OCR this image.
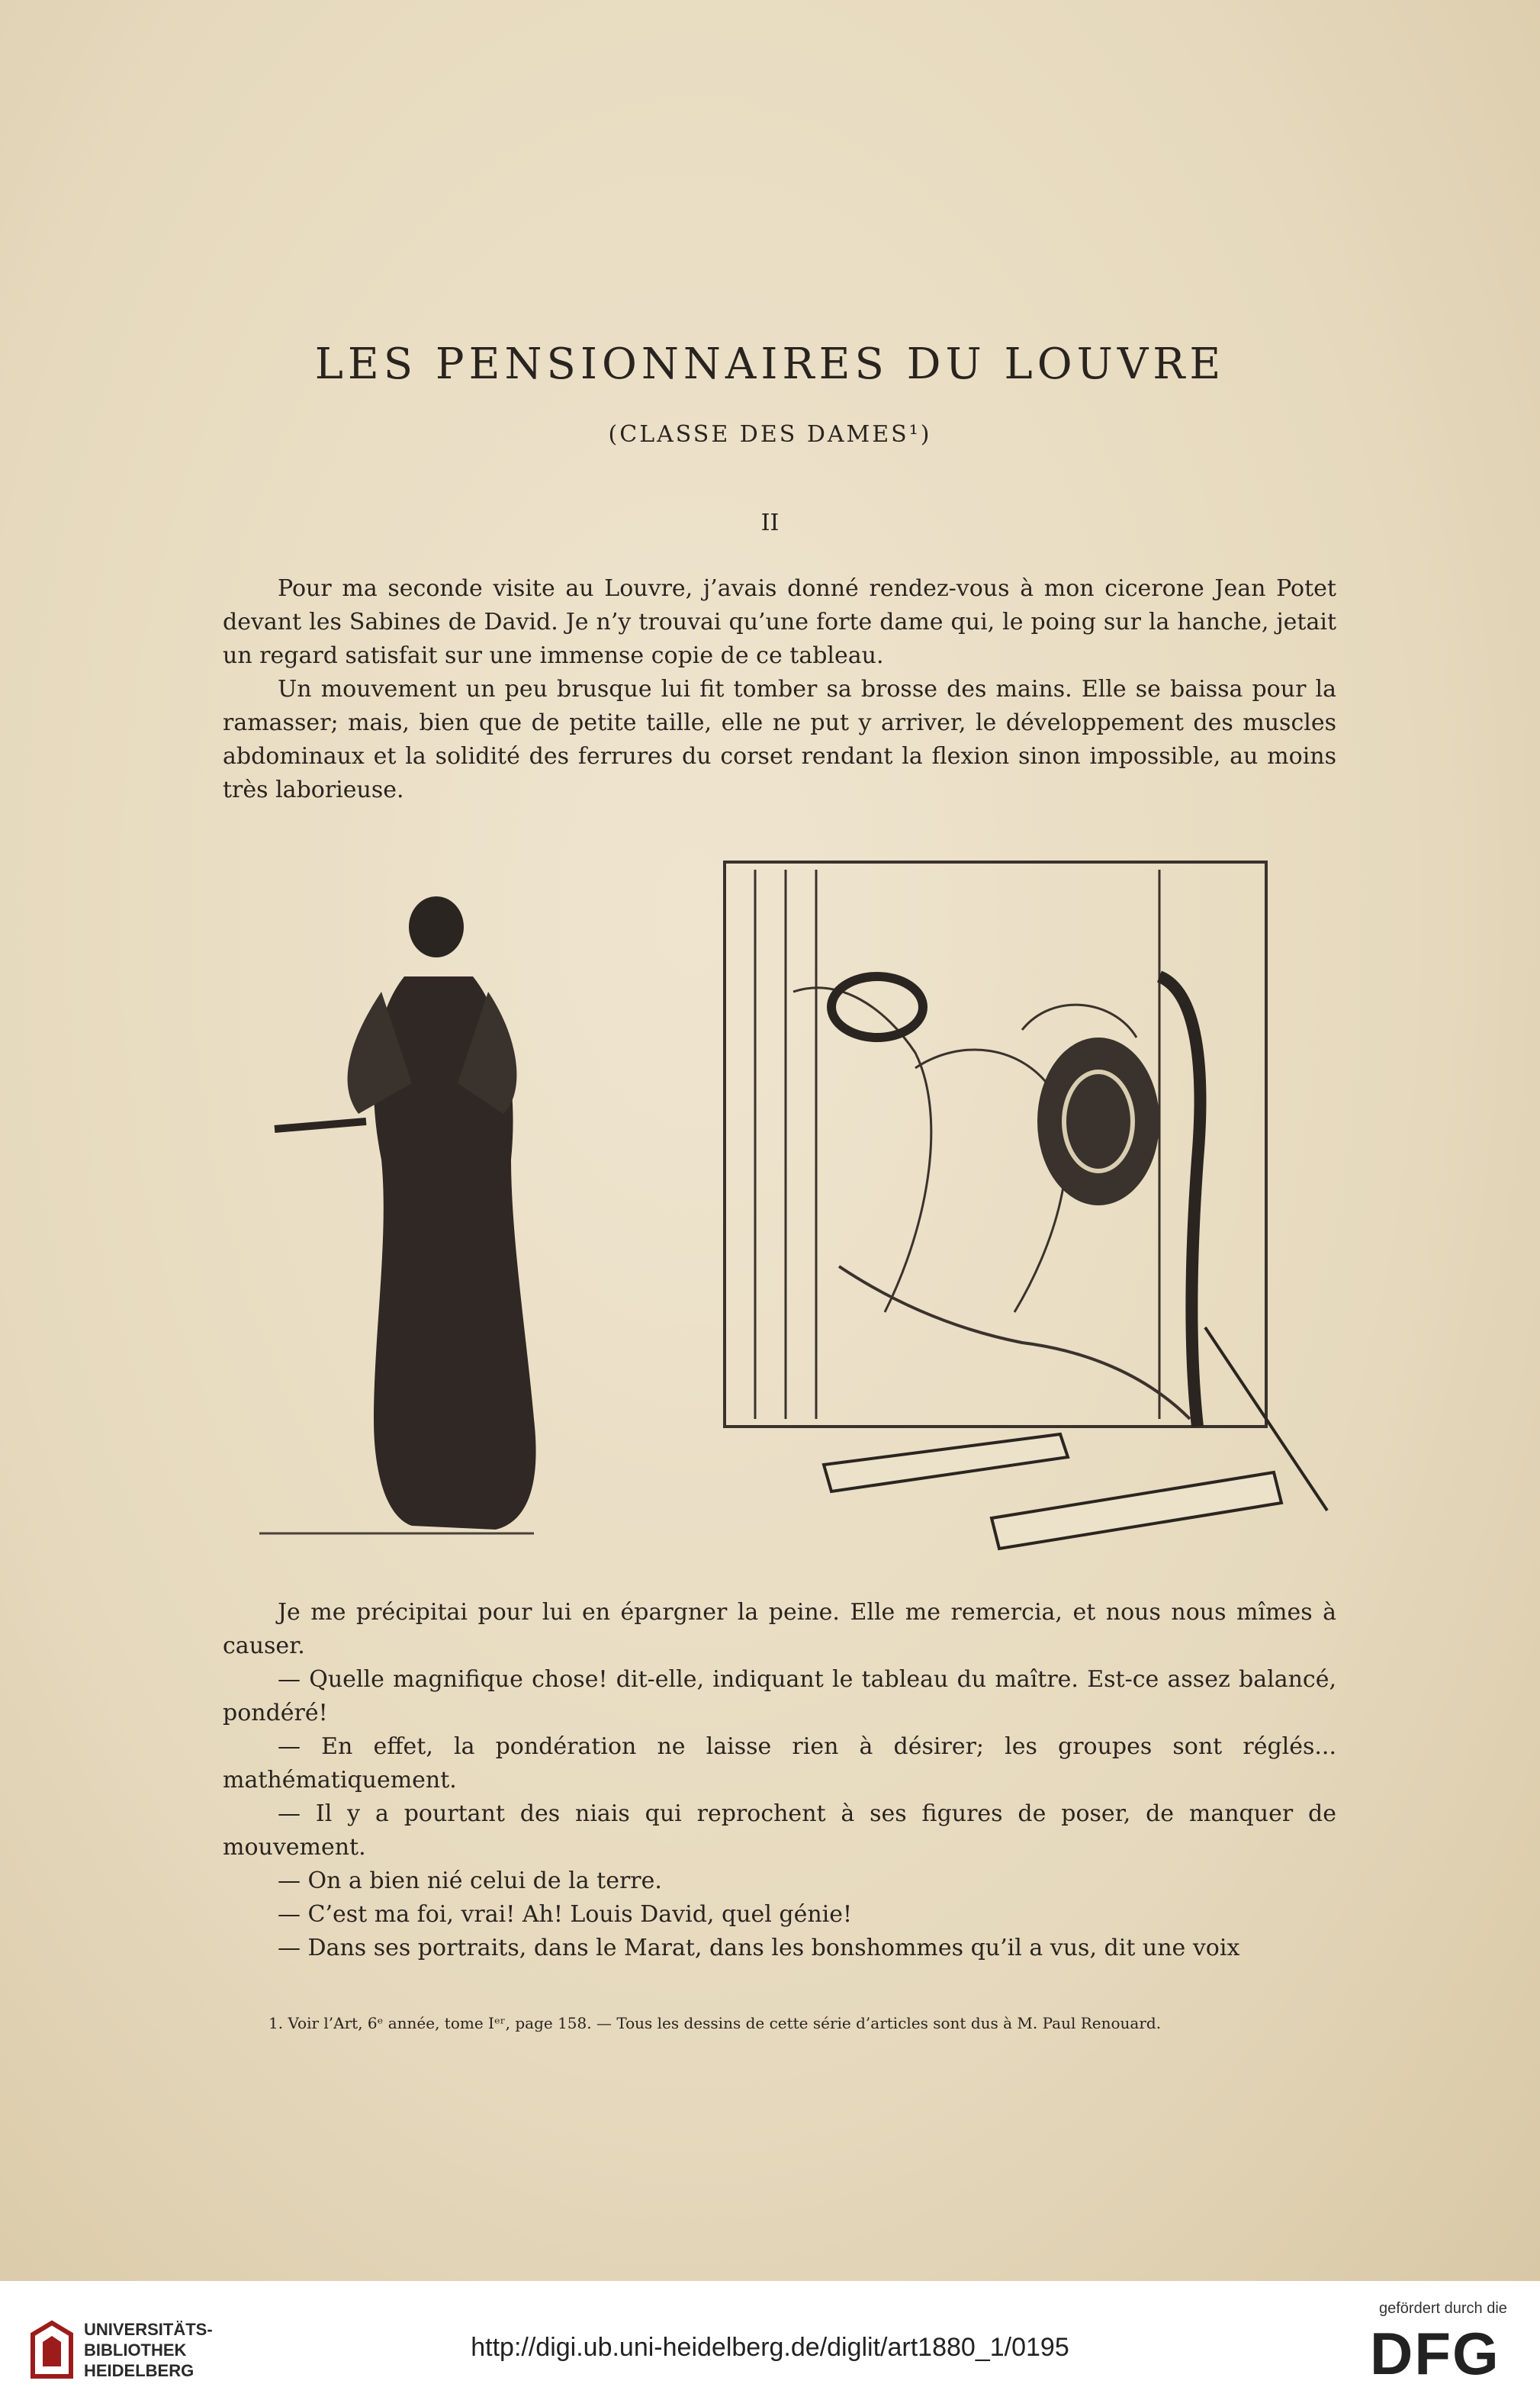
LES PENSIONNAIRES DU LOUVRE
(CLASSE DES DAMES¹)
II

Pour ma seconde visite au Louvre, j’avais donné rendez-vous à mon cicerone Jean Potet devant les Sabines de David. Je n’y trouvai qu’une forte dame qui, le poing sur la hanche, jetait un regard satisfait sur une immense copie de ce tableau.

Un mouvement un peu brusque lui fit tomber sa brosse des mains. Elle se baissa pour la ramasser; mais, bien que de petite taille, elle ne put y arriver, le développement des muscles abdominaux et la solidité des ferrures du corset rendant la flexion sinon impossible, au moins très laborieuse.

Je me précipitai pour lui en épargner la peine. Elle me remercia, et nous nous mîmes à causer.

— Quelle magnifique chose! dit-elle, indiquant le tableau du maître. Est-ce assez balancé, pondéré!

— En effet, la pondération ne laisse rien à désirer; les groupes sont réglés... mathématiquement.

— Il y a pourtant des niais qui reprochent à ses figures de poser, de manquer de mouvement.

— On a bien nié celui de la terre.

— C’est ma foi, vrai! Ah! Louis David, quel génie!

— Dans ses portraits, dans le Marat, dans les bonshommes qu’il a vus, dit une voix

1. Voir l’Art, 6ᵉ année, tome Iᵉʳ, page 158. — Tous les dessins de cette série d’articles sont dus à M. Paul Renouard.
UNIVERSITÄTS-
BIBLIOTHEK
HEIDELBERG
http://digi.ub.uni-heidelberg.de/diglit/art1880_1/0195
gefördert durch die
DFG
